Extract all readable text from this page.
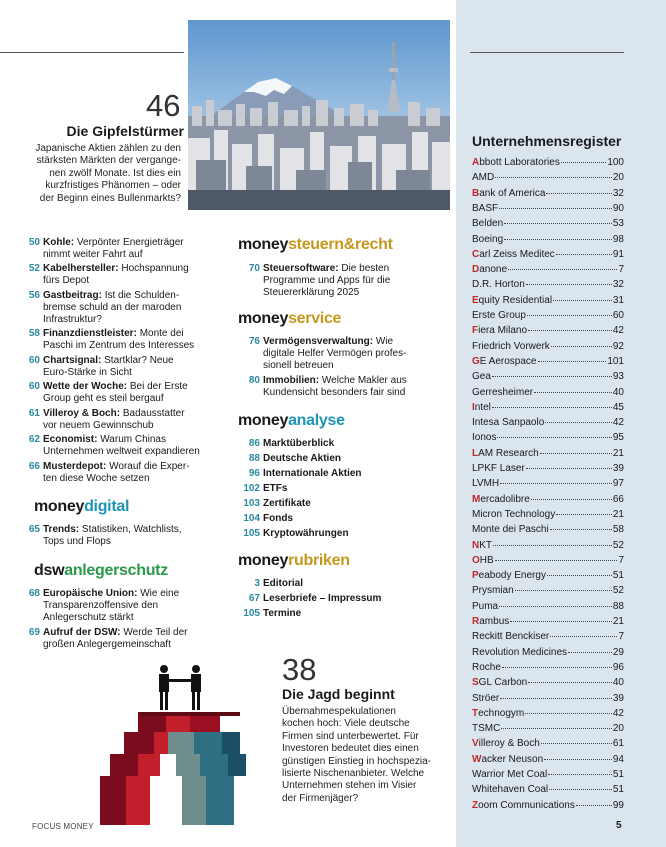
46
Die Gipfelstürmer
Japanische Aktien zählen zu den
stärksten Märkten der vergange-
nen zwölf Monate. Ist dies ein
kurzfristiges Phänomen – oder
der Beginn eines Bullenmarkts?
50 Kohle: Verpönter Energieträger
nimmt weiter Fahrt auf
52 Kabelhersteller: Hochspannung
fürs Depot
56 Gastbeitrag: Ist die Schulden-
bremse schuld an der maroden
Infrastruktur?
58 Finanzdienstleister: Monte dei
Paschi im Zentrum des Interesses
60 Chartsignal: Startklar? Neue
Euro-Stärke in Sicht
60 Wette der Woche: Bei der Erste
Group geht es steil bergauf
61 Villeroy & Boch: Badausstatter
vor neuem Gewinnschub
62 Economist: Warum Chinas
Unternehmen weltweit expandieren
66 Musterdepot: Worauf die Exper-
ten diese Woche setzen
moneydigital
65 Trends: Statistiken, Watchlists,
Tops und Flops
dswanlegerschutz
68 Europäische Union: Wie eine
Transparenzoffensive den
Anlegerschutz stärkt
69 Aufruf der DSW: Werde Teil der
großen Anlegergemeinschaft
moneysteuern&recht
70 Steuersoftware: Die besten
Programme und Apps für die
Steuererklärung 2025
moneyservice
76 Vermögensverwaltung: Wie
digitale Helfer Vermögen profes-
sionell betreuen
80 Immobilien: Welche Makler aus
Kundensicht besonders fair sind
moneyanalyse
86 Marktüberblick
88 Deutsche Aktien
96 Internationale Aktien
102 ETFs
103 Zertifikate
104 Fonds
105 Kryptowährungen
moneyrubriken
3 Editorial
67 Leserbriefe – Impressum
105 Termine
38
Die Jagd beginnt
Übernahmespekulationen
kochen hoch: Viele deutsche
Firmen sind unterbewertet. Für
Investoren bedeutet dies einen
günstigen Einstieg in hochspezia-
lisierte Nischenanbieter. Welche
Unternehmen stehen im Visier
der Firmenjäger?
Unternehmensregister
Abbott Laboratories	100
AMD	20
Bank of America	32
BASF	90
Belden	53
Boeing	98
Carl Zeiss Meditec	91
Danone	7
D.R. Horton	32
Equity Residential	31
Erste Group	60
Fiera Milano	42
Friedrich Vorwerk	92
GE Aerospace	101
Gea	93
Gerresheimer	40
Intel	45
Intesa Sanpaolo	42
Ionos	95
LAM Research	21
LPKF Laser	39
LVMH	97
Mercadolibre	66
Micron Technology	21
Monte dei Paschi	58
NKT	52
OHB	7
Peabody Energy	51
Prysmian	52
Puma	88
Rambus	21
Reckitt Benckiser	7
Revolution Medicines	29
Roche	96
SGL Carbon	40
Ströer	39
Technogym	42
TSMC	20
Villeroy & Boch	61
Wacker Neuson	94
Warrior Met Coal	51
Whitehaven Coal	51
Zoom Communications	99
FOCUS MONEY	5
